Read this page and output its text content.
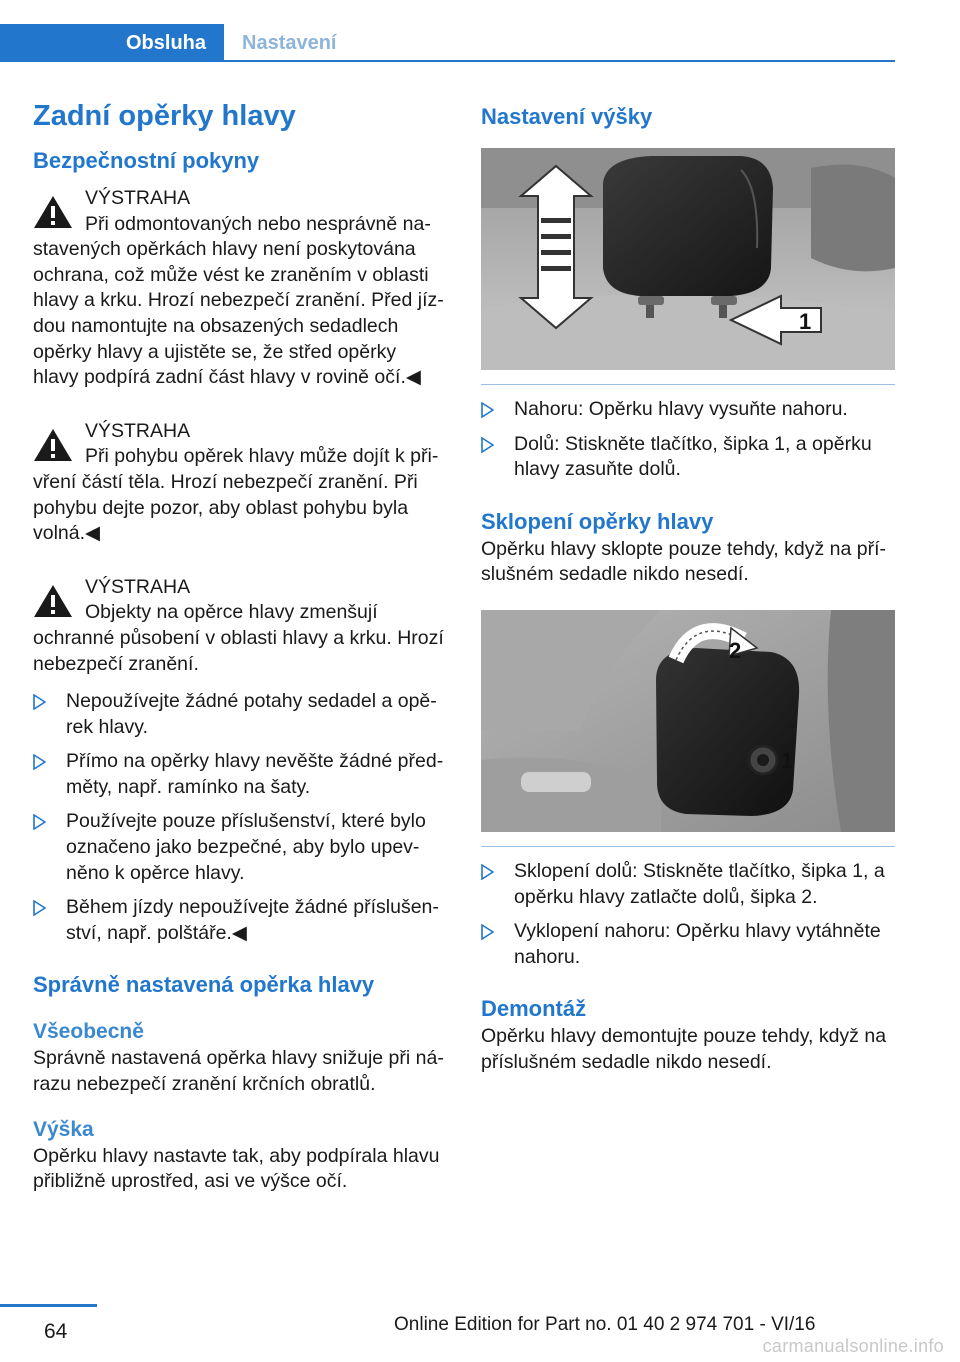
Obsluha	Nastavení
Zadní opěrky hlavy
Bezpečnostní pokyny
VÝSTRAHA

Při odmontovaných nebo nesprávně nastavených opěrkách hlavy není poskytována ochrana, což může vést ke zraněním v oblasti hlavy a krku. Hrozí nebezpečí zranění. Před jízdou namontujte na obsazených sedadlech opěrky hlavy a ujistěte se, že střed opěrky hlavy podpírá zadní část hlavy v rovině očí.◀

VÝSTRAHA

Při pohybu opěrek hlavy může dojít k přivření částí těla. Hrozí nebezpečí zranění. Při pohybu dejte pozor, aby oblast pohybu byla volná.◀

VÝSTRAHA

Objekty na opěrce hlavy zmenšují ochranné působení v oblasti hlavy a krku. Hrozí nebezpečí zranění.

Nepoužívejte žádné potahy sedadel a opěrek hlavy.
Přímo na opěrky hlavy nevěšte žádné předměty, např. ramínko na šaty.
Používejte pouze příslušenství, které bylo označeno jako bezpečné, aby bylo upevněno k opěrce hlavy.
Během jízdy nepoužívejte žádné příslušenství, např. polštáře.◀
Správně nastavená opěrka hlavy
Všeobecně

Správně nastavená opěrka hlavy snižuje při nárazu nebezpečí zranění krčních obratlů.

Výška

Opěrku hlavy nastavte tak, aby podpírala hlavu přibližně uprostřed, asi ve výšce očí.

Nastavení výšky
1
Nahoru: Opěrku hlavy vysuňte nahoru.
Dolů: Stiskněte tlačítko, šipka 1, a opěrku hlavy zasuňte dolů.
Sklopení opěrky hlavy

Opěrku hlavy sklopte pouze tehdy, když na příslušném sedadle nikdo nesedí.

2
1
Sklopení dolů: Stiskněte tlačítko, šipka 1, a opěrku hlavy zatlačte dolů, šipka 2.
Vyklopení nahoru: Opěrku hlavy vytáhněte nahoru.
Demontáž

Opěrku hlavy demontujte pouze tehdy, když na příslušném sedadle nikdo nesedí.

64	Online Edition for Part no. 01 40 2 974 701 - VI/16
carmanualsonline.info
